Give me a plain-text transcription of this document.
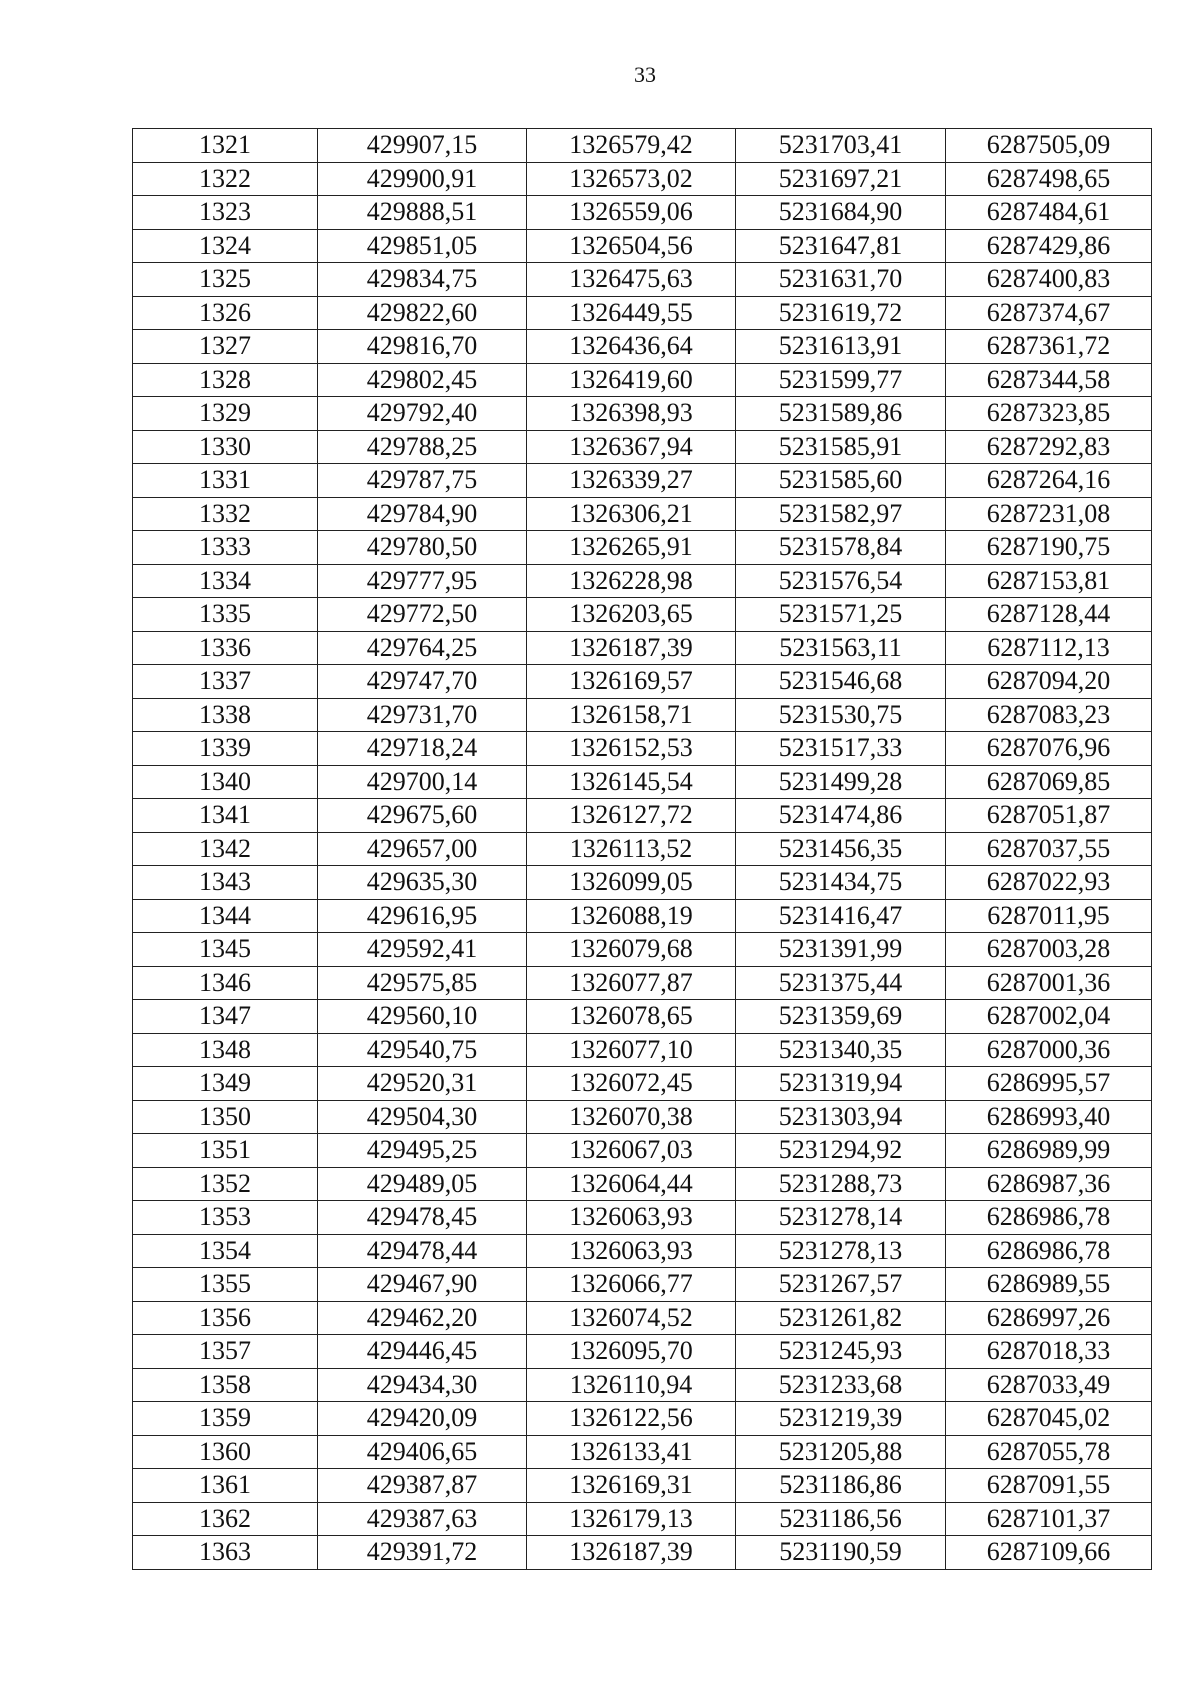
33
1321	429907,15	1326579,42	5231703,41	6287505,09
1322	429900,91	1326573,02	5231697,21	6287498,65
1323	429888,51	1326559,06	5231684,90	6287484,61
1324	429851,05	1326504,56	5231647,81	6287429,86
1325	429834,75	1326475,63	5231631,70	6287400,83
1326	429822,60	1326449,55	5231619,72	6287374,67
1327	429816,70	1326436,64	5231613,91	6287361,72
1328	429802,45	1326419,60	5231599,77	6287344,58
1329	429792,40	1326398,93	5231589,86	6287323,85
1330	429788,25	1326367,94	5231585,91	6287292,83
1331	429787,75	1326339,27	5231585,60	6287264,16
1332	429784,90	1326306,21	5231582,97	6287231,08
1333	429780,50	1326265,91	5231578,84	6287190,75
1334	429777,95	1326228,98	5231576,54	6287153,81
1335	429772,50	1326203,65	5231571,25	6287128,44
1336	429764,25	1326187,39	5231563,11	6287112,13
1337	429747,70	1326169,57	5231546,68	6287094,20
1338	429731,70	1326158,71	5231530,75	6287083,23
1339	429718,24	1326152,53	5231517,33	6287076,96
1340	429700,14	1326145,54	5231499,28	6287069,85
1341	429675,60	1326127,72	5231474,86	6287051,87
1342	429657,00	1326113,52	5231456,35	6287037,55
1343	429635,30	1326099,05	5231434,75	6287022,93
1344	429616,95	1326088,19	5231416,47	6287011,95
1345	429592,41	1326079,68	5231391,99	6287003,28
1346	429575,85	1326077,87	5231375,44	6287001,36
1347	429560,10	1326078,65	5231359,69	6287002,04
1348	429540,75	1326077,10	5231340,35	6287000,36
1349	429520,31	1326072,45	5231319,94	6286995,57
1350	429504,30	1326070,38	5231303,94	6286993,40
1351	429495,25	1326067,03	5231294,92	6286989,99
1352	429489,05	1326064,44	5231288,73	6286987,36
1353	429478,45	1326063,93	5231278,14	6286986,78
1354	429478,44	1326063,93	5231278,13	6286986,78
1355	429467,90	1326066,77	5231267,57	6286989,55
1356	429462,20	1326074,52	5231261,82	6286997,26
1357	429446,45	1326095,70	5231245,93	6287018,33
1358	429434,30	1326110,94	5231233,68	6287033,49
1359	429420,09	1326122,56	5231219,39	6287045,02
1360	429406,65	1326133,41	5231205,88	6287055,78
1361	429387,87	1326169,31	5231186,86	6287091,55
1362	429387,63	1326179,13	5231186,56	6287101,37
1363	429391,72	1326187,39	5231190,59	6287109,66
